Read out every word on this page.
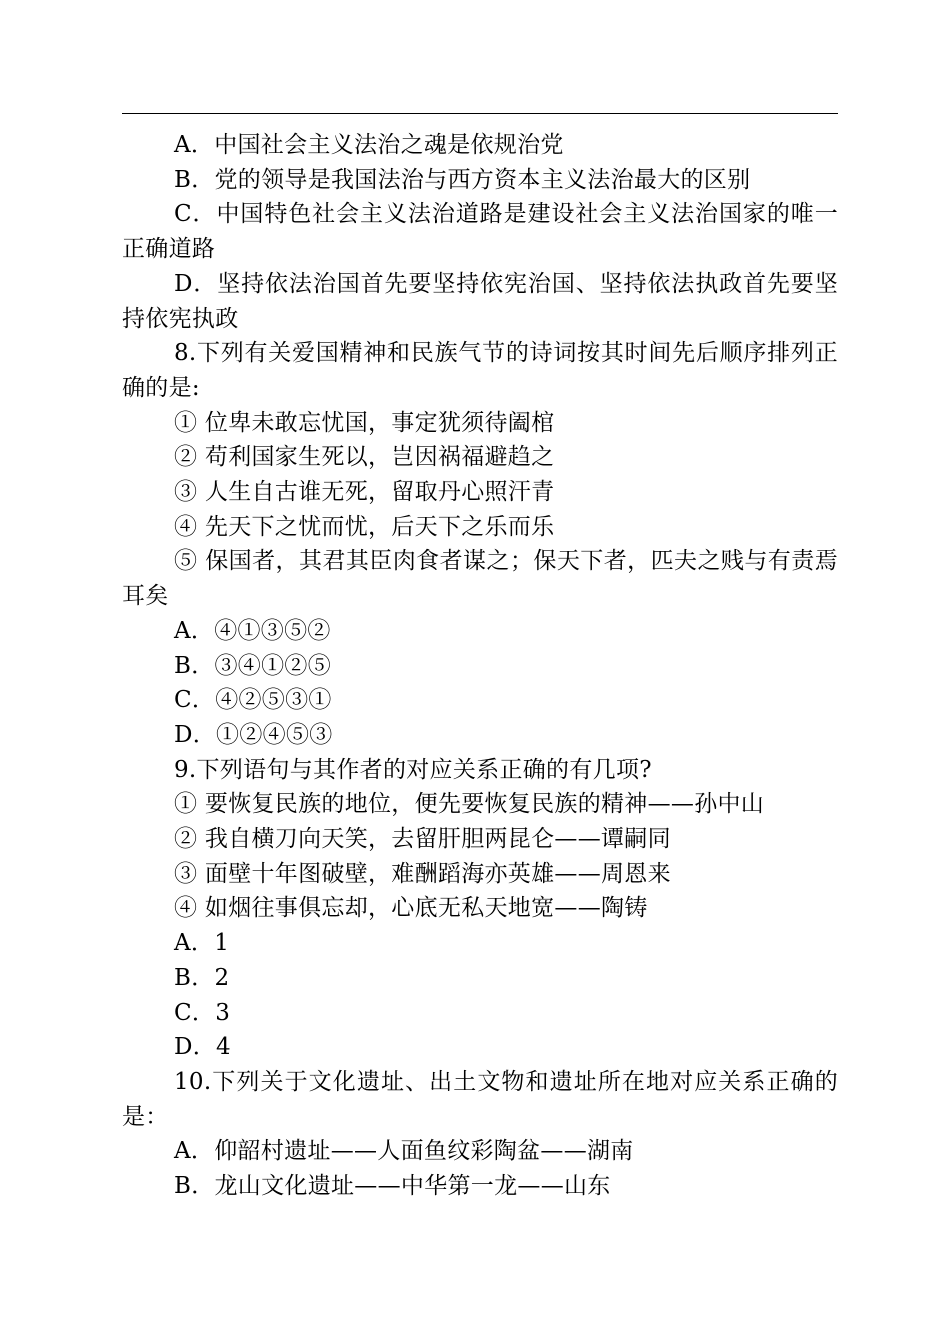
A．中国社会主义法治之魂是依规治党

B．党的领导是我国法治与西方资本主义法治最大的区别

C．中国特色社会主义法治道路是建设社会主义法治国家的唯一正确道路

D．坚持依法治国首先要坚持依宪治国、坚持依法执政首先要坚持依宪执政

8.下列有关爱国精神和民族气节的诗词按其时间先后顺序排列正确的是:

① 位卑未敢忘忧国，事定犹须待阖棺

② 苟利国家生死以，岂因祸福避趋之

③ 人生自古谁无死，留取丹心照汗青

④ 先天下之忧而忧，后天下之乐而乐

⑤ 保国者，其君其臣肉食者谋之；保天下者，匹夫之贱与有责焉耳矣

A．④①③⑤②

B．③④①②⑤

C．④②⑤③①

D．①②④⑤③

9.下列语句与其作者的对应关系正确的有几项?

① 要恢复民族的地位，便先要恢复民族的精神——孙中山

② 我自横刀向天笑，去留肝胆两昆仑——谭嗣同

③ 面壁十年图破壁，难酬蹈海亦英雄——周恩来

④ 如烟往事俱忘却，心底无私天地宽——陶铸

A．1

B．2

C．3

D．4

10.下列关于文化遗址、出土文物和遗址所在地对应关系正确的是：

A．仰韶村遗址——人面鱼纹彩陶盆——湖南

B．龙山文化遗址——中华第一龙——山东
